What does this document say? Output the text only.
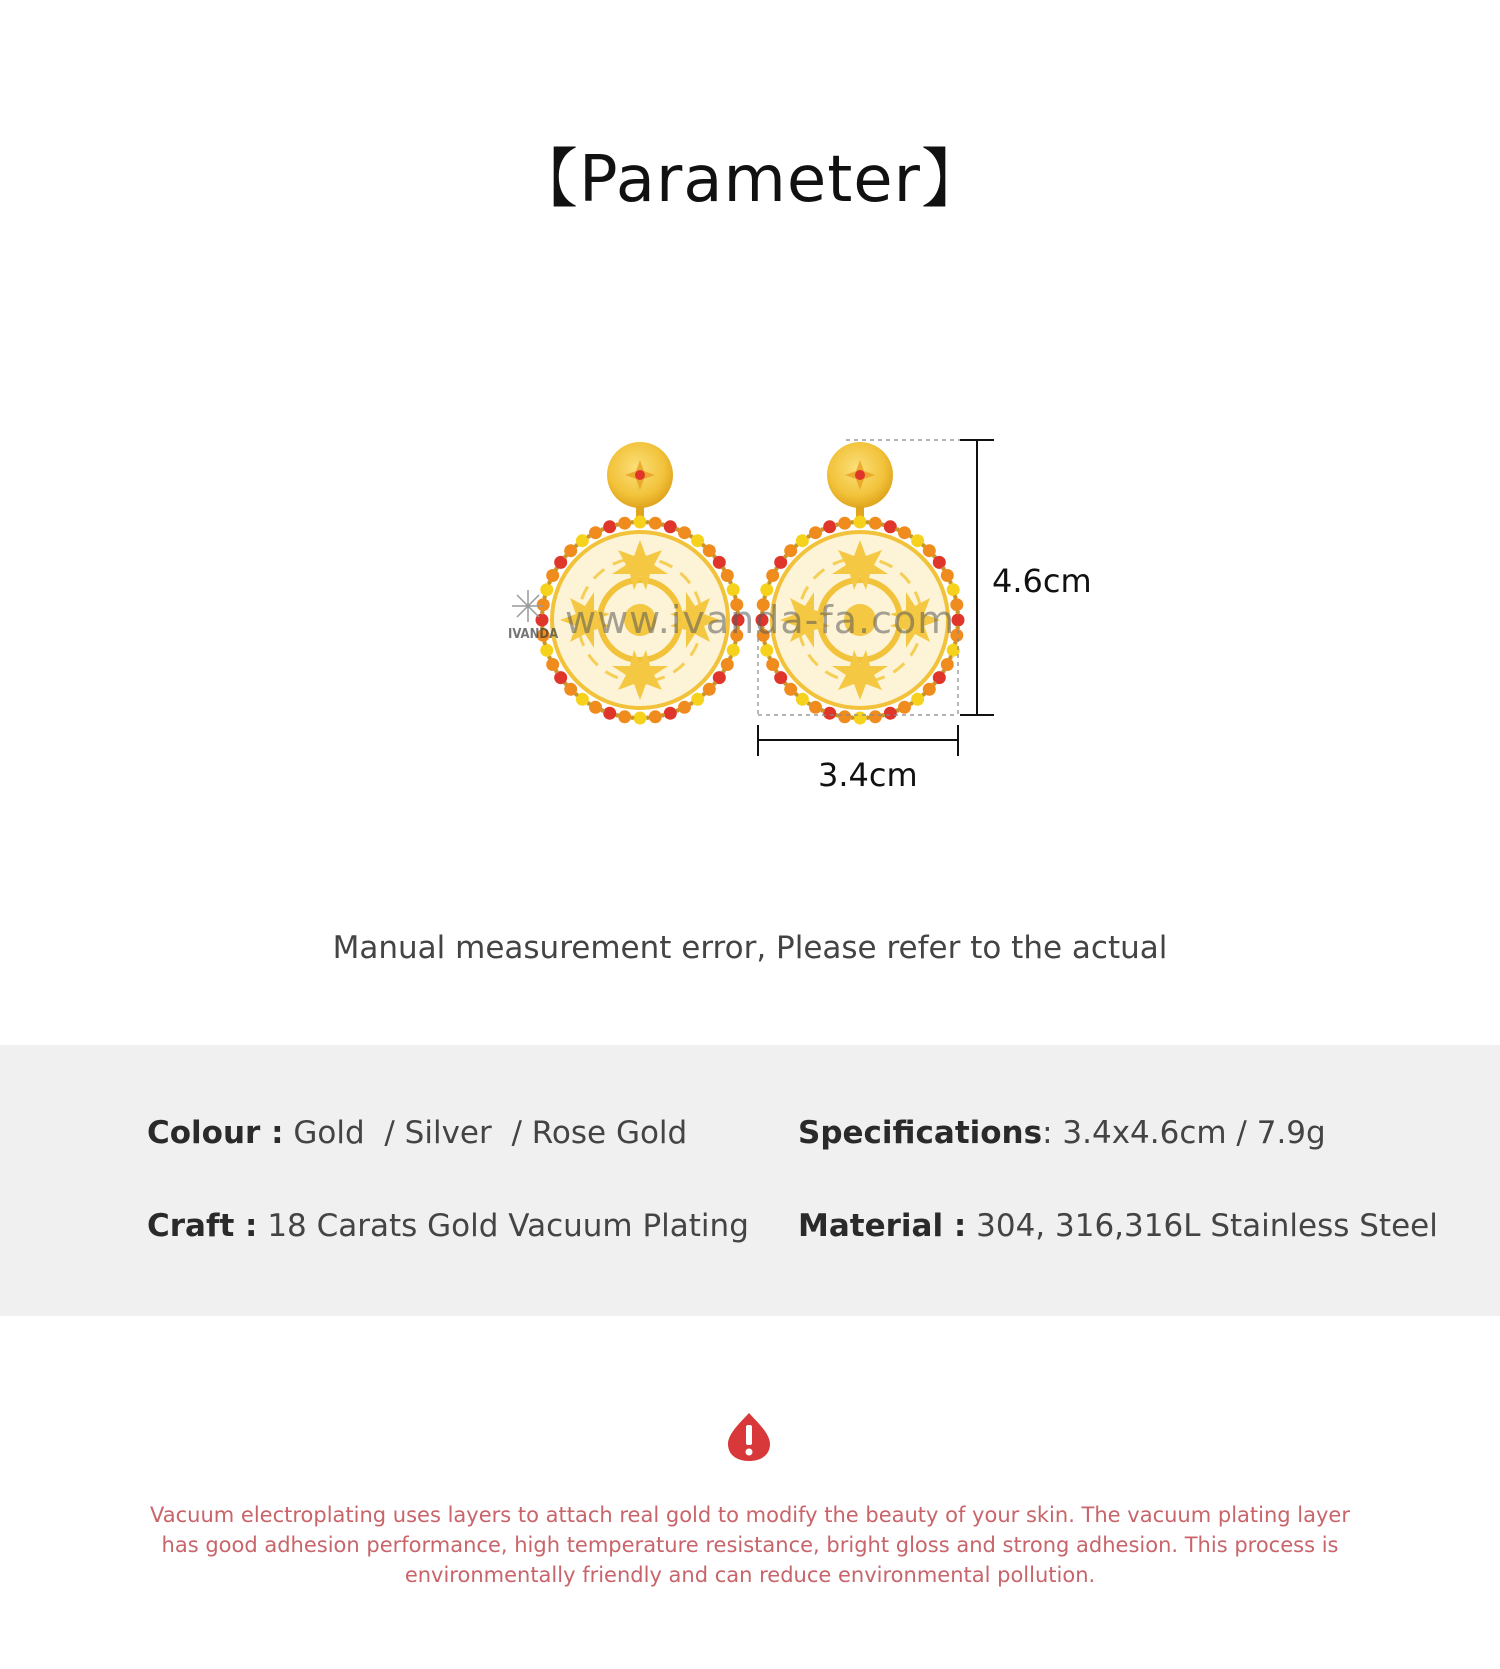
【Parameter】
www.ivanda-fa.com
IVANDA
4.6cm
3.4cm
Manual measurement error, Please refer to the actual
Colour : Gold  / Silver  / Rose Gold	Specifications: 3.4x4.6cm / 7.9g
Craft : 18 Carats Gold Vacuum Plating Material : 304, 316,316L Stainless Steel
Vacuum electroplating uses layers to attach real gold to modify the beauty of your skin. The vacuum plating layer has good adhesion performance, high temperature resistance, bright gloss and strong adhesion. This process is environmentally friendly and can reduce environmental pollution.
